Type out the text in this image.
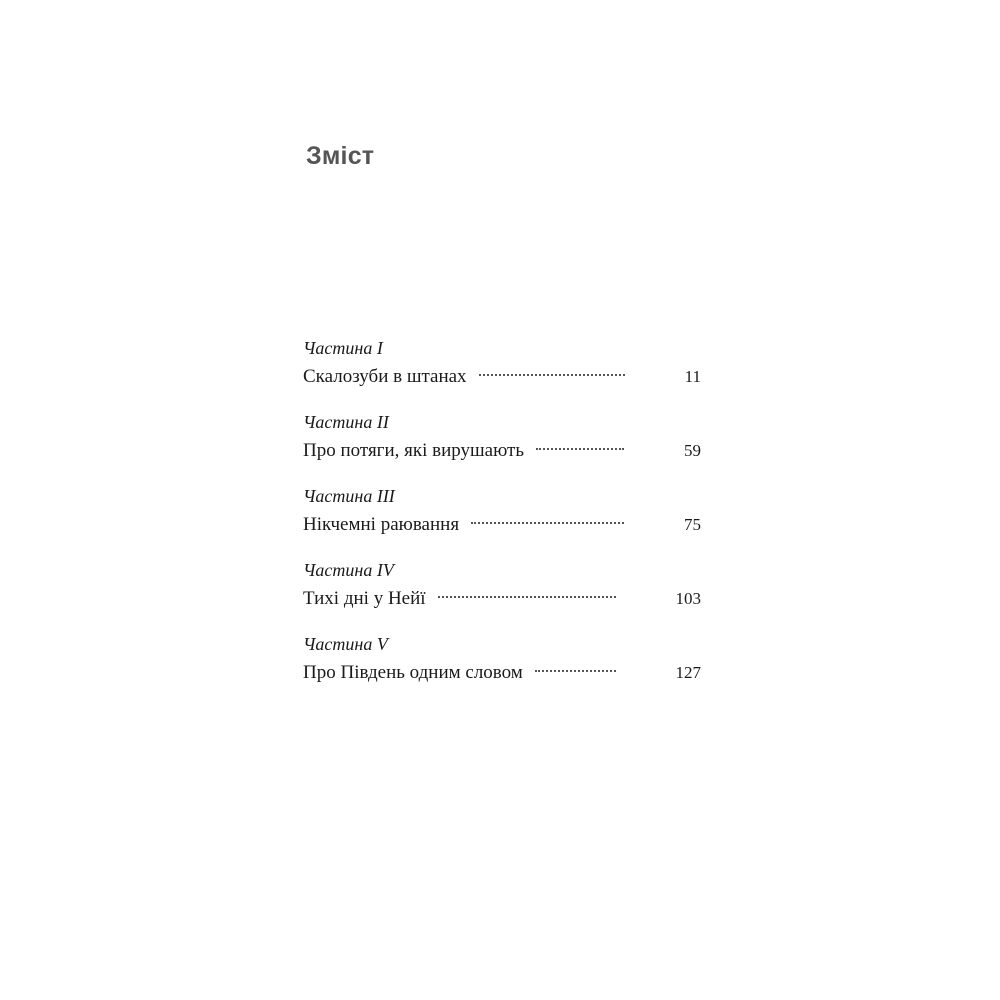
Зміст
Частина I
Скалозуби в штанах	11
Частина II
Про потяги, які вирушають	59
Частина III
Нікчемні раювання	75
Частина IV
Тихі дні у Нейї	103
Частина V
Про Південь одним словом	127
